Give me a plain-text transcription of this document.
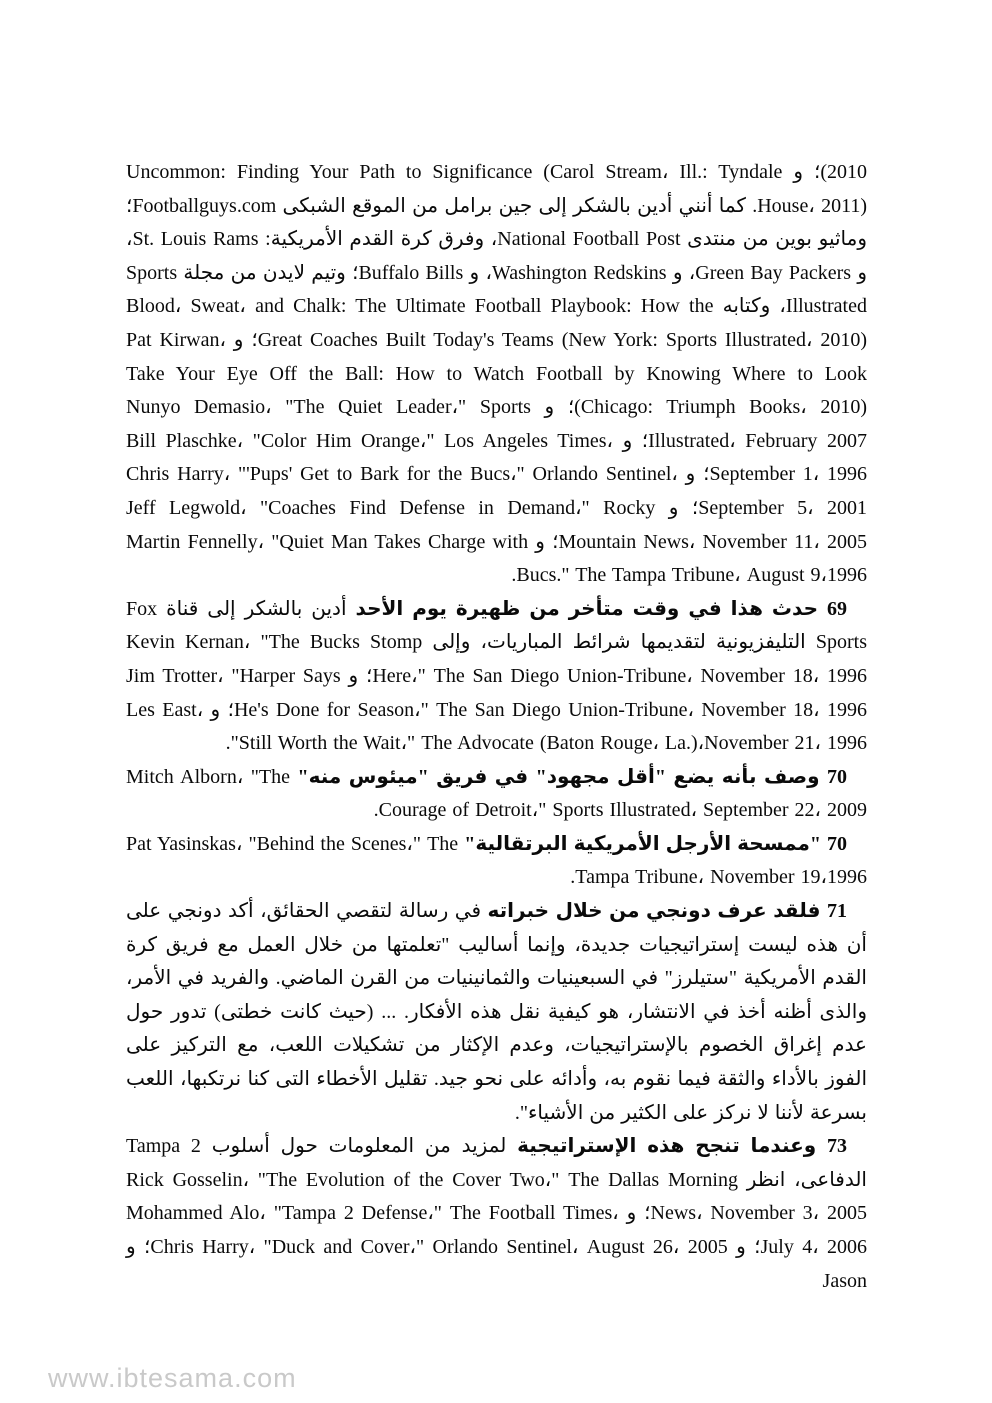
2010)؛ و Uncommon: Finding Your Path to Significance (Carol Stream، Ill.: Tyndale House، 2011). كما أنني أدين بالشكر إلى جين برامل من الموقع الشبكى Footballguys.com؛ وماثيو بوين من منتدى National Football Post، وفرق كرة القدم الأمريكية: St. Louis Rams، و Green Bay Packers، و Washington Redskins، و Buffalo Bills؛ وتيم لايدن من مجلة Sports Illustrated، وكتابه Blood، Sweat، and Chalk: The Ultimate Football Playbook: How the Great Coaches Built Today's Teams (New York: Sports Illustrated، 2010)؛ و Pat Kirwan، Take Your Eye Off the Ball: How to Watch Football by Knowing Where to Look (Chicago: Triumph Books، 2010)؛ و Nunyo Demasio، "The Quiet Leader،" Sports Illustrated، February 2007؛ و Bill Plaschke، "Color Him Orange،" Los Angeles Times، September 1، 1996؛ و Chris Harry، "'Pups' Get to Bark for the Bucs،" Orlando Sentinel، September 5، 2001؛ و Jeff Legwold، "Coaches Find Defense in Demand،" Rocky Mountain News، November 11، 2005؛ و Martin Fennelly، "Quiet Man Takes Charge with Bucs." The Tampa Tribune، August 9،1996.

69 حدث هذا في وقت متأخر من ظهيرة يوم الأحد أدين بالشكر إلى قناة Fox Sports التليفزيونية لتقديمها شرائط المباريات، وإلى Kevin Kernan، "The Bucks Stomp Here،" The San Diego Union-Tribune، November 18، 1996؛ و Jim Trotter، "Harper Says He's Done for Season،" The San Diego Union-Tribune، November 18، 1996؛ و Les East، "Still Worth the Wait،" The Advocate (Baton Rouge، La.)،November 21، 1996.

70 وصف بأنه يضع "أقل مجهود" في فريق "ميئوس منه" Mitch Alborn، "The Courage of Detroit،" Sports Illustrated، September 22، 2009.

70 "ممسحة الأرجل الأمريكية البرتقالية" Pat Yasinskas، "Behind the Scenes،" The Tampa Tribune، November 19،1996.

71 فلقد عرف دونجي من خلال خبراته في رسالة لتقصي الحقائق، أكد دونجي على أن هذه ليست إستراتيجيات جديدة، وإنما أساليب "تعلمتها من خلال العمل مع فريق كرة القدم الأمريكية "ستيلرز" في السبعينيات والثمانينيات من القرن الماضي. والفريد في الأمر، والذى أظنه أخذ في الانتشار، هو كيفية نقل هذه الأفكار. ... (حيث كانت خطتى) تدور حول عدم إغراق الخصوم بالإستراتيجيات، وعدم الإكثار من تشكيلات اللعب، مع التركيز على الفوز بالأداء والثقة فيما نقوم به، وأدائه على نحو جيد. تقليل الأخطاء التى كنا نرتكبها، اللعب بسرعة لأننا لا نركز على الكثير من الأشياء".

73 وعندما تنجح هذه الإستراتيجية لمزيد من المعلومات حول أسلوب Tampa 2 الدفاعى، انظر Rick Gosselin، "The Evolution of the Cover Two،" The Dallas Morning News، November 3، 2005؛ و Mohammed Alo، "Tampa 2 Defense،" The Football Times، July 4، 2006؛ و Chris Harry، "Duck and Cover،" Orlando Sentinel، August 26، 2005؛ و Jason

www.ibtesama.com
